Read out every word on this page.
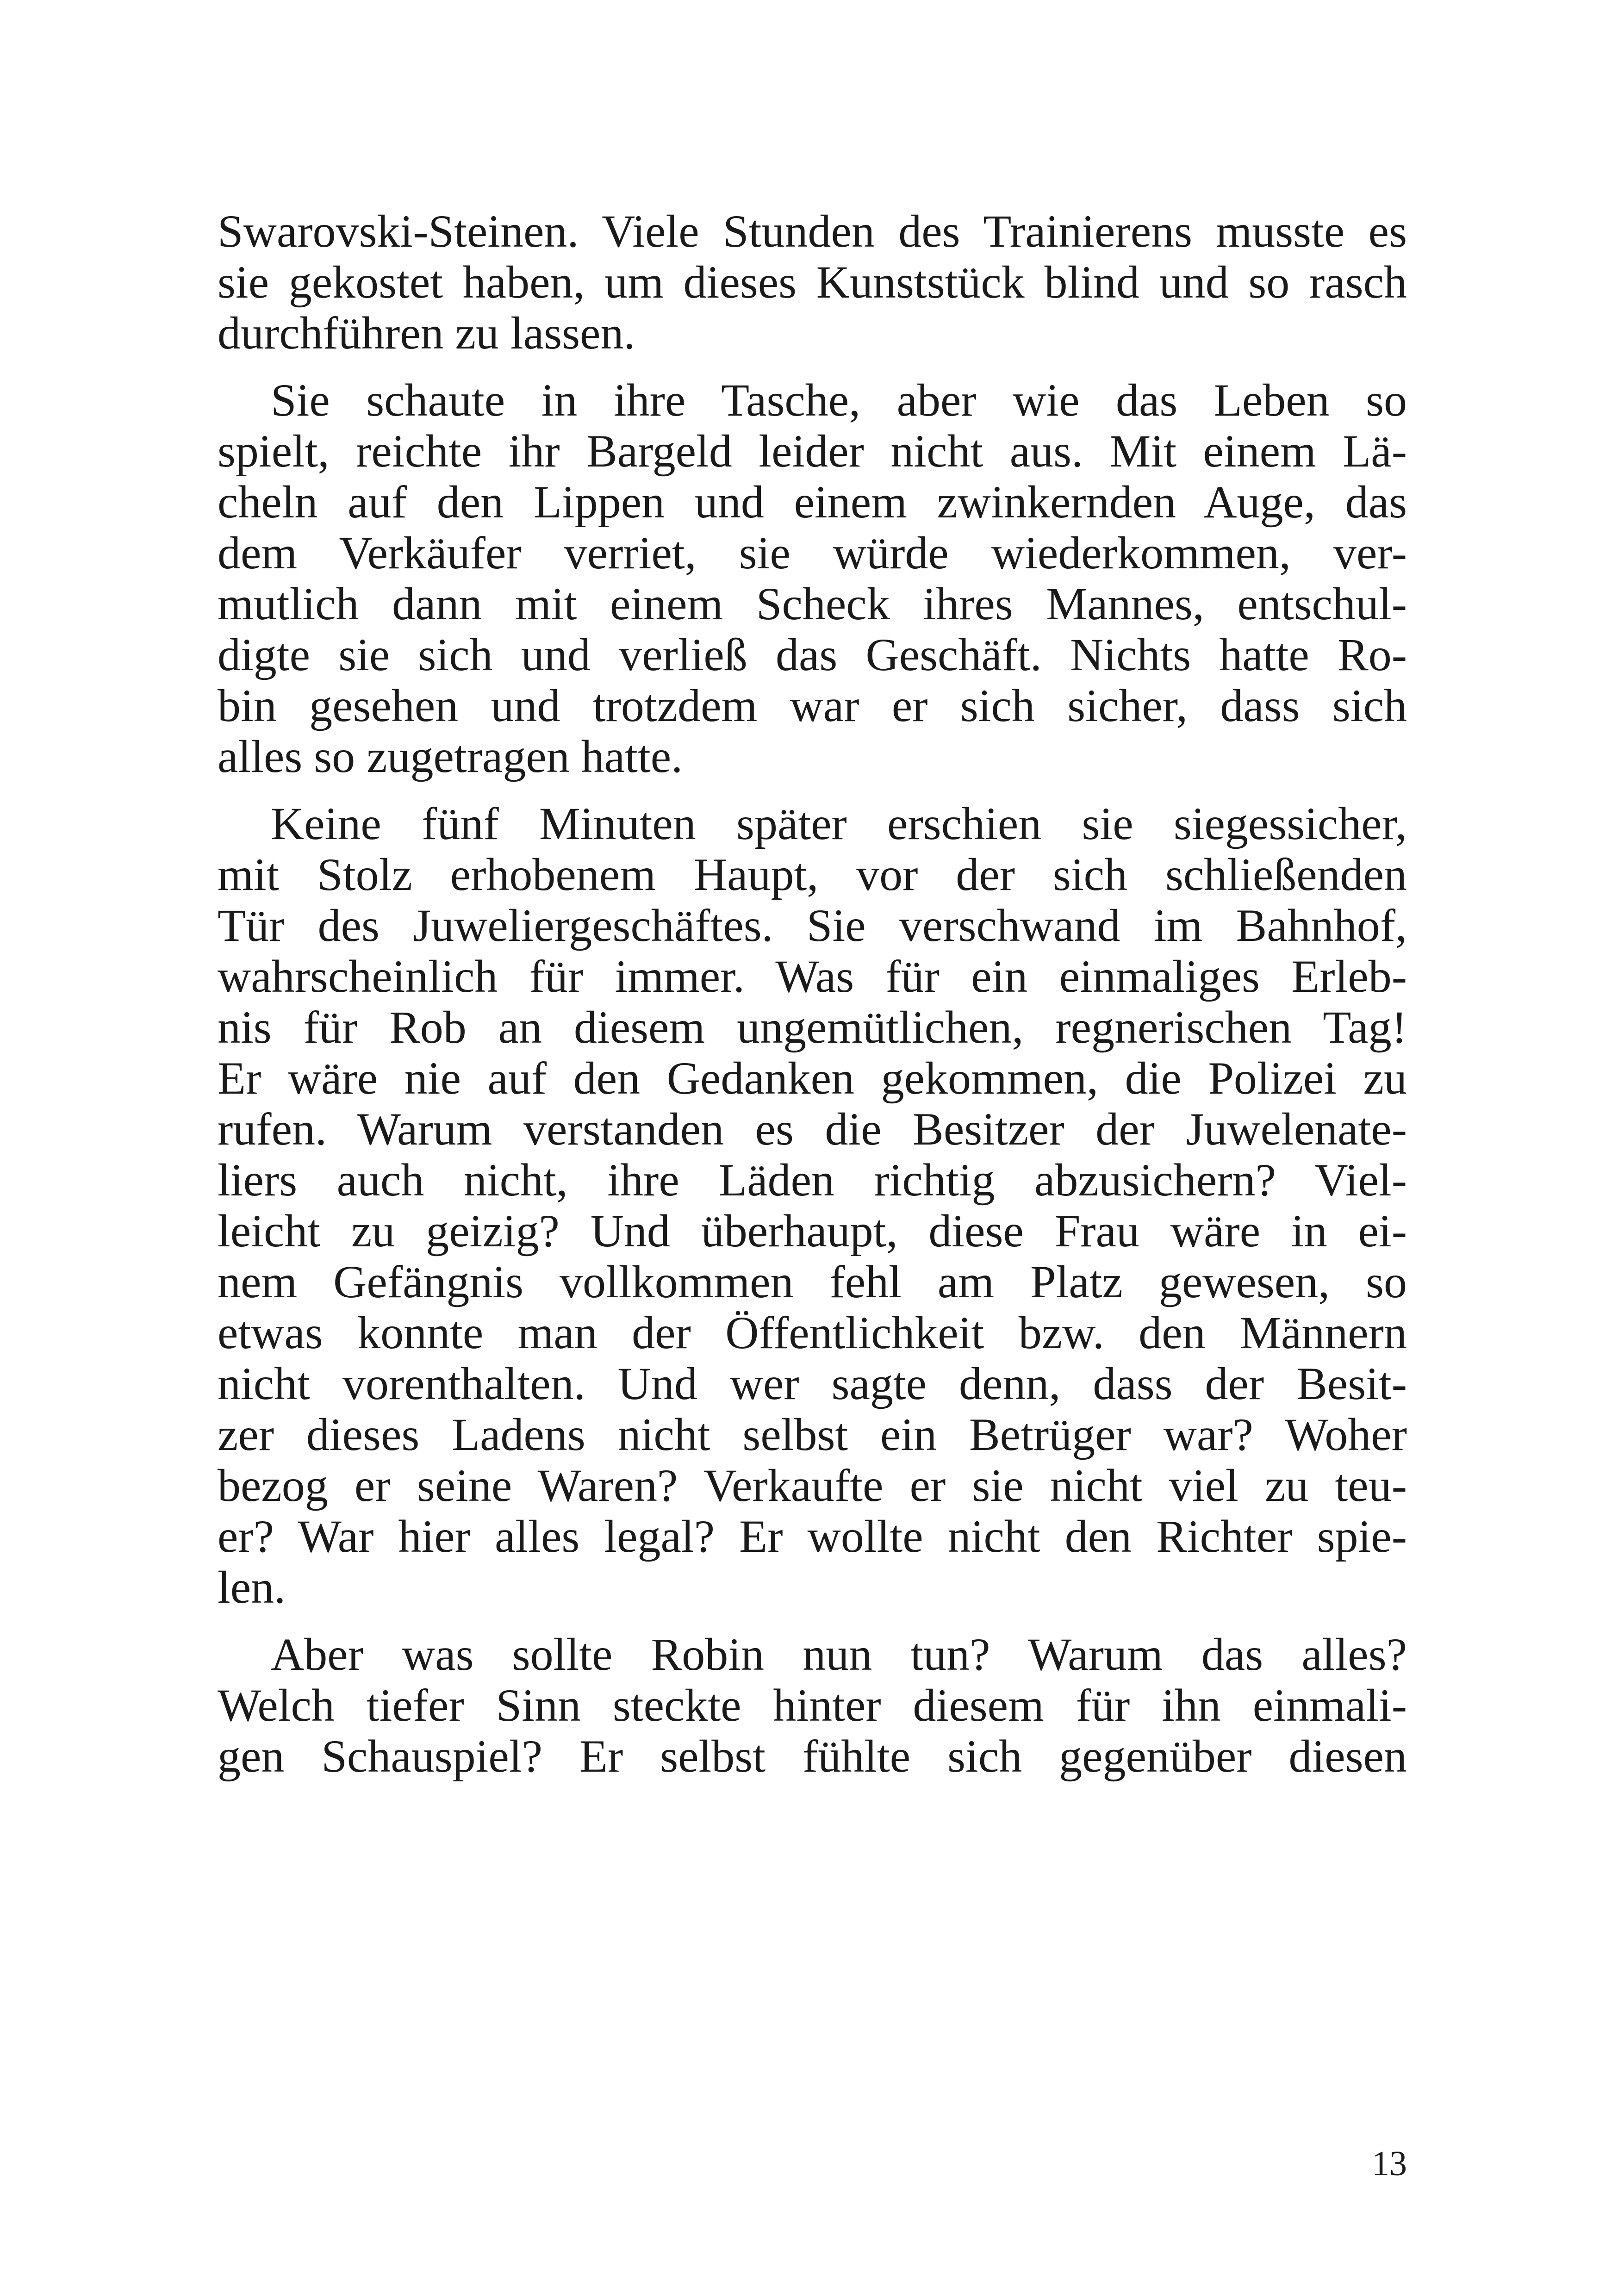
Swarovski-Steinen. Viele Stunden des Trainierens musste es
sie gekostet haben, um dieses Kunststück blind und so rasch
durchführen zu lassen.

Sie schaute in ihre Tasche, aber wie das Leben so
spielt, reichte ihr Bargeld leider nicht aus. Mit einem Lä-
cheln auf den Lippen und einem zwinkernden Auge, das
dem Verkäufer verriet, sie würde wiederkommen, ver-
mutlich dann mit einem Scheck ihres Mannes, entschul-
digte sie sich und verließ das Geschäft. Nichts hatte Ro-
bin gesehen und trotzdem war er sich sicher, dass sich
alles so zugetragen hatte.

Keine fünf Minuten später erschien sie siegessicher,
mit Stolz erhobenem Haupt, vor der sich schließenden
Tür des Juweliergeschäftes. Sie verschwand im Bahnhof,
wahrscheinlich für immer. Was für ein einmaliges Erleb-
nis für Rob an diesem ungemütlichen, regnerischen Tag!
Er wäre nie auf den Gedanken gekommen, die Polizei zu
rufen. Warum verstanden es die Besitzer der Juwelenate-
liers auch nicht, ihre Läden richtig abzusichern? Viel-
leicht zu geizig? Und überhaupt, diese Frau wäre in ei-
nem Gefängnis vollkommen fehl am Platz gewesen, so
etwas konnte man der Öffentlichkeit bzw. den Männern
nicht vorenthalten. Und wer sagte denn, dass der Besit-
zer dieses Ladens nicht selbst ein Betrüger war? Woher
bezog er seine Waren? Verkaufte er sie nicht viel zu teu-
er? War hier alles legal? Er wollte nicht den Richter spie-
len.

Aber was sollte Robin nun tun? Warum das alles?
Welch tiefer Sinn steckte hinter diesem für ihn einmali-
gen Schauspiel? Er selbst fühlte sich gegenüber diesen

13
